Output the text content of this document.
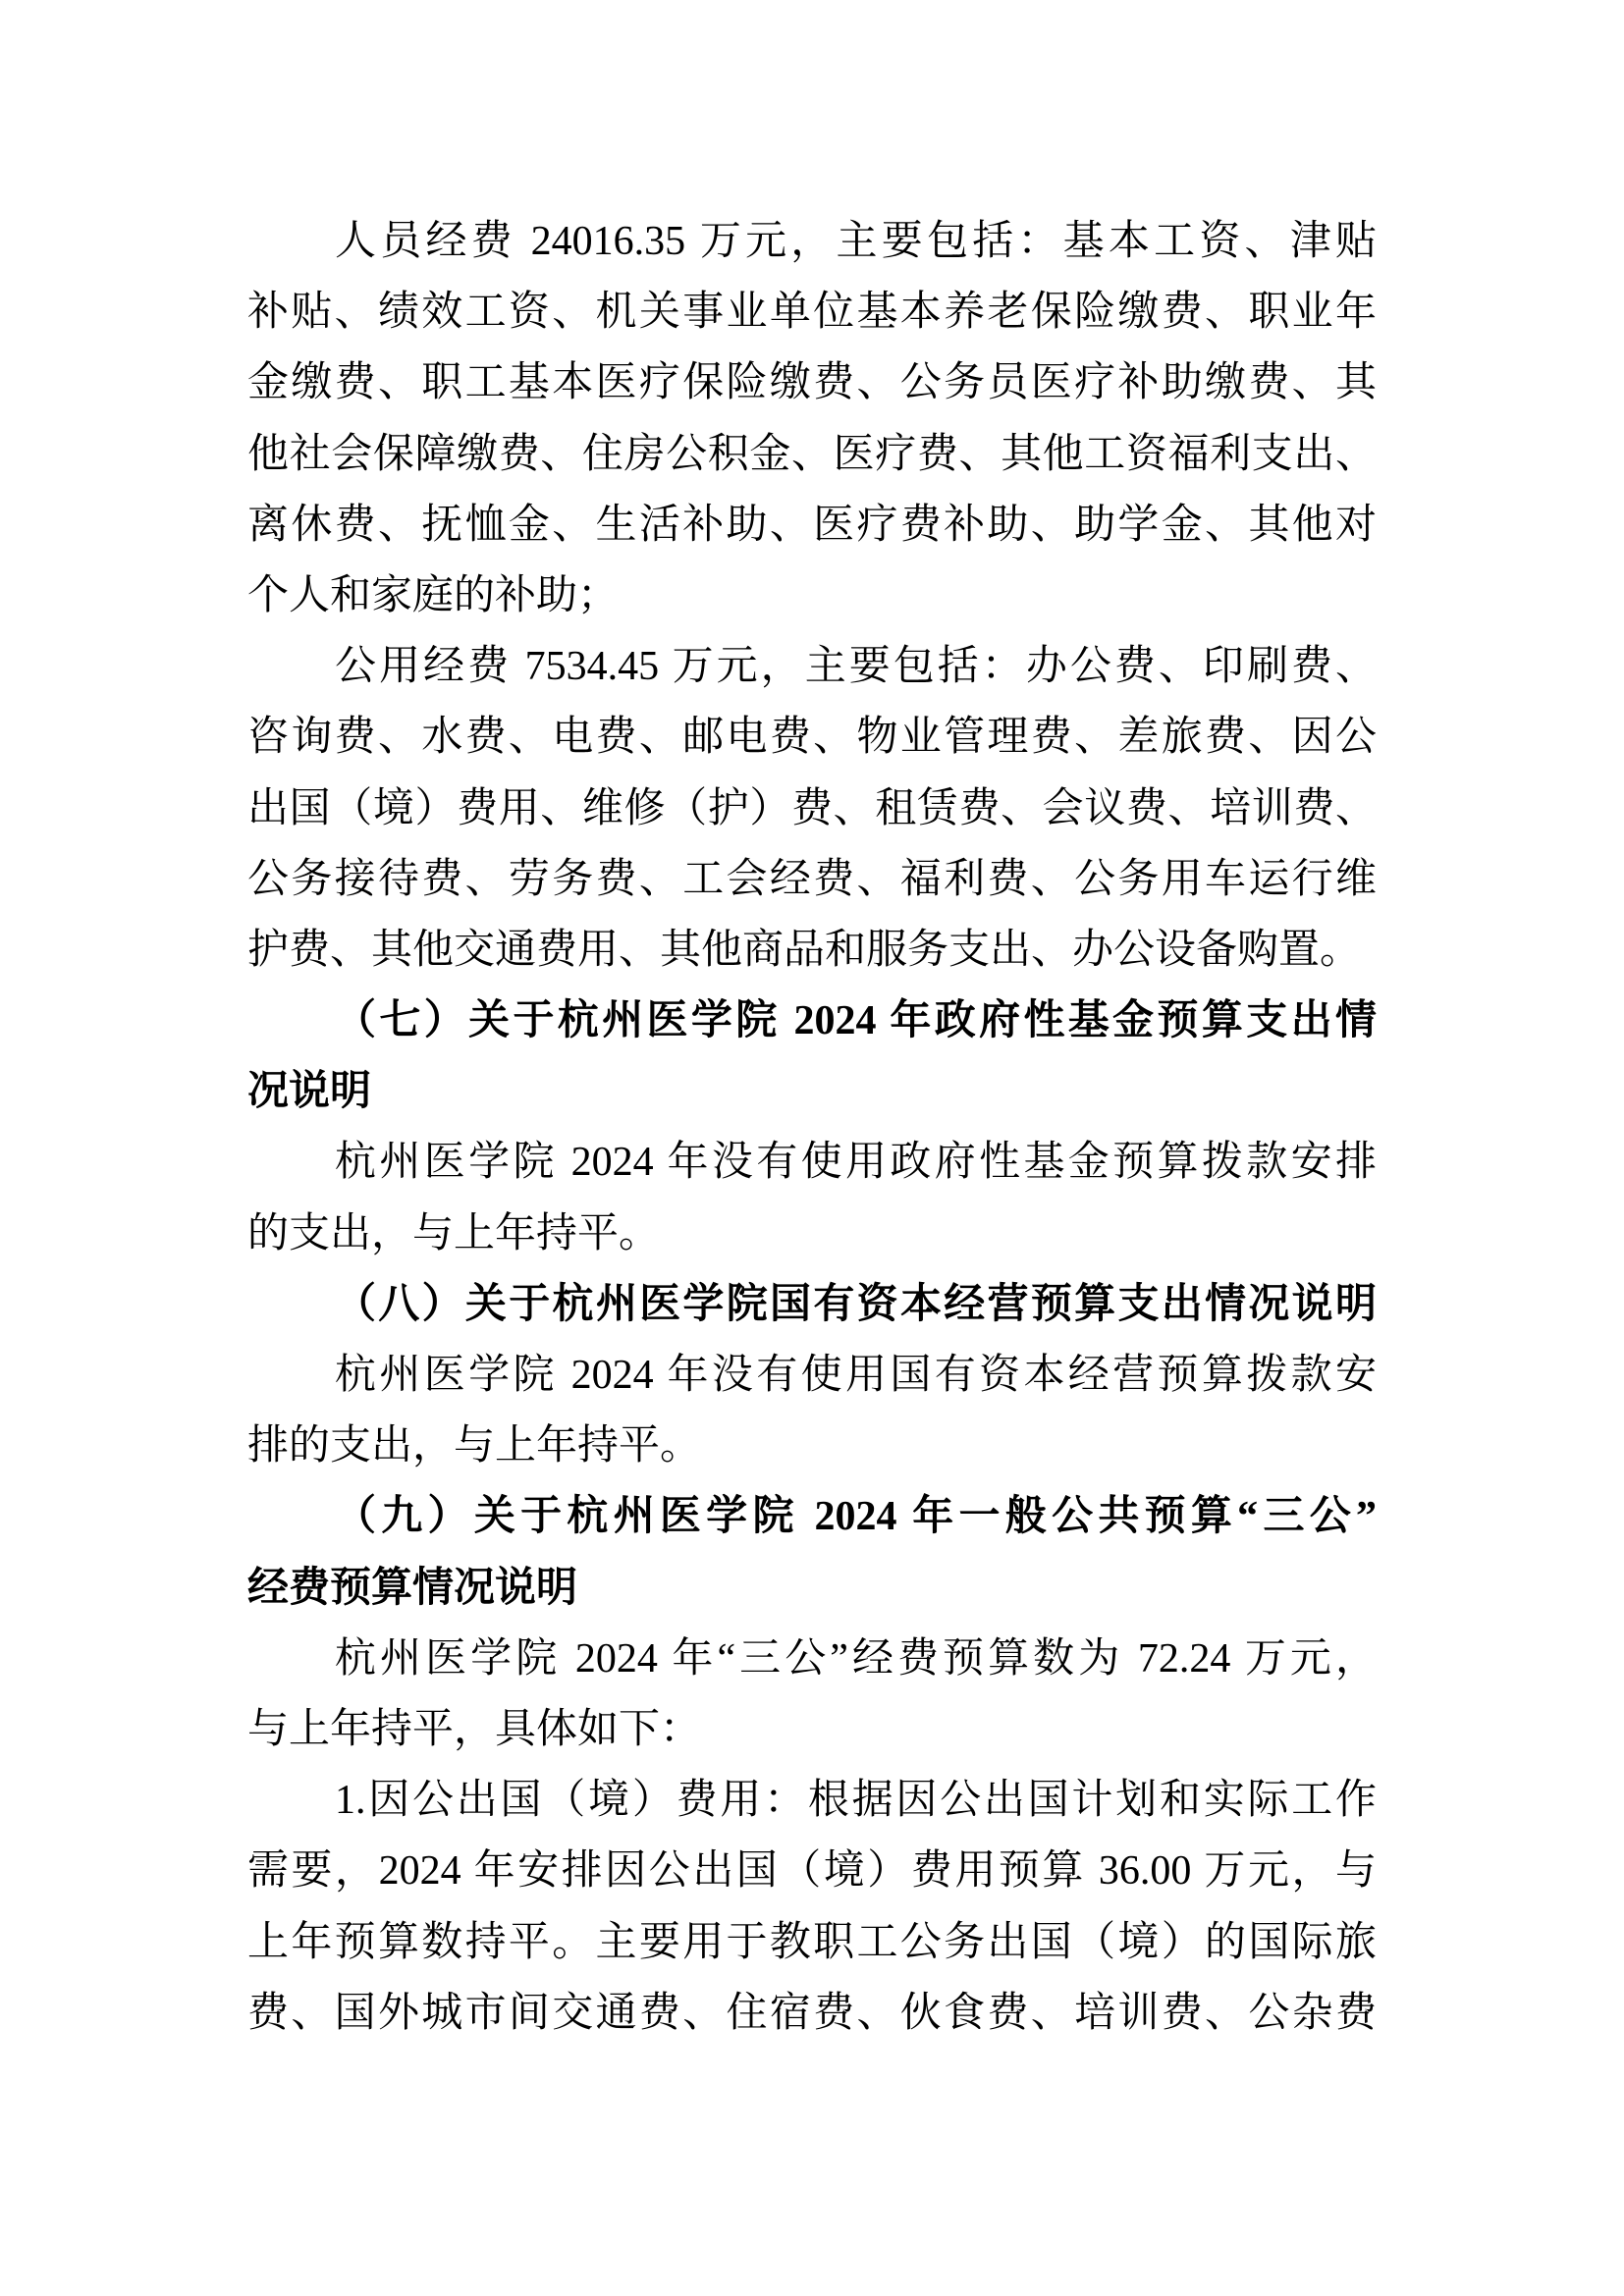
人员经费 24016.35 万元，主要包括：基本工资、津贴
补贴、绩效工资、机关事业单位基本养老保险缴费、职业年
金缴费、职工基本医疗保险缴费、公务员医疗补助缴费、其
他社会保障缴费、住房公积金、医疗费、其他工资福利支出、
离休费、抚恤金、生活补助、医疗费补助、助学金、其他对
个人和家庭的补助；
公用经费 7534.45 万元，主要包括：办公费、印刷费、
咨询费、水费、电费、邮电费、物业管理费、差旅费、因公
出国（境）费用、维修（护）费、租赁费、会议费、培训费、
公务接待费、劳务费、工会经费、福利费、公务用车运行维
护费、其他交通费用、其他商品和服务支出、办公设备购置。
（七）关于杭州医学院 2024 年政府性基金预算支出情
况说明
杭州医学院 2024 年没有使用政府性基金预算拨款安排
的支出，与上年持平。
（八）关于杭州医学院国有资本经营预算支出情况说明
杭州医学院 2024 年没有使用国有资本经营预算拨款安
排的支出，与上年持平。
（九）关于杭州医学院 2024 年一般公共预算“三公”
经费预算情况说明
杭州医学院 2024 年“三公”经费预算数为 72.24 万元，
与上年持平，具体如下：
1.因公出国（境）费用：根据因公出国计划和实际工作
需要，2024 年安排因公出国（境）费用预算 36.00 万元，与
上年预算数持平。主要用于教职工公务出国（境）的国际旅
费、国外城市间交通费、住宿费、伙食费、培训费、公杂费
